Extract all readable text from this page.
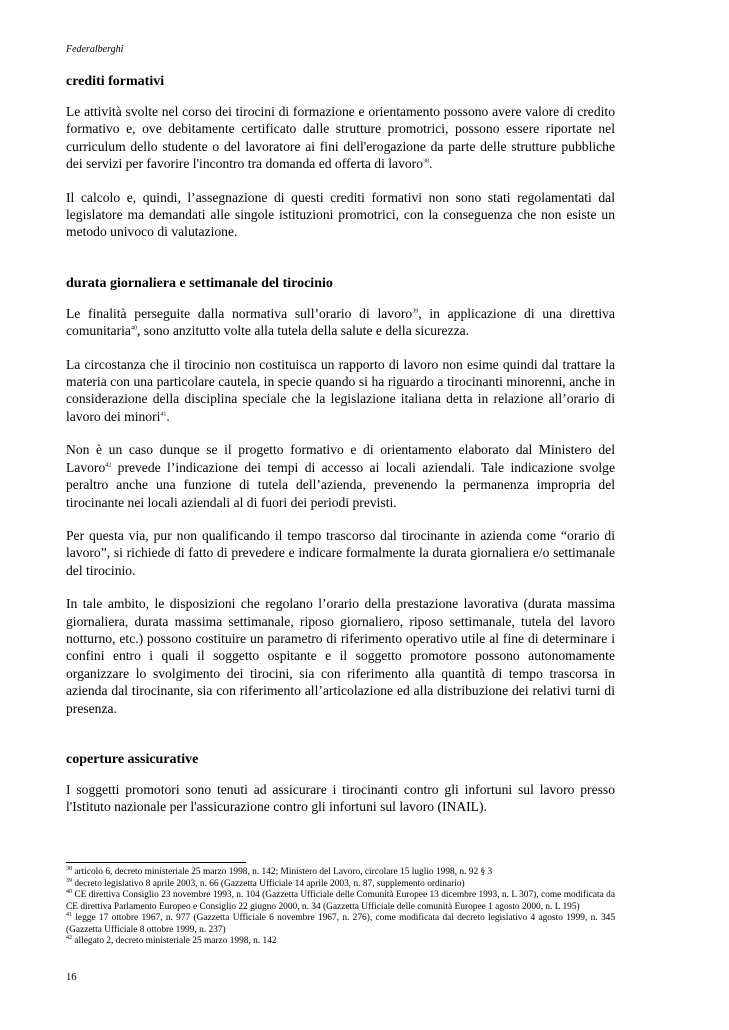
Federalberghi
crediti formativi

Le attività svolte nel corso dei tirocini di formazione e orientamento possono avere valore di credito formativo e, ove debitamente certificato dalle strutture promotrici, possono essere riportate nel curriculum dello studente o del lavoratore ai fini dell'erogazione da parte delle strutture pubbliche dei servizi per favorire l'incontro tra domanda ed offerta di lavoro$^{38}$.

Il calcolo e, quindi, l’assegnazione di questi crediti formativi non sono stati regolamentati dal legislatore ma demandati alle singole istituzioni promotrici, con la conseguenza che non esiste un metodo univoco di valutazione.

durata giornaliera e settimanale del tirocinio

Le finalità perseguite dalla normativa sull’orario di lavoro$^{39}$, in applicazione di una direttiva comunitaria$^{40}$, sono anzitutto volte alla tutela della salute e della sicurezza.

La circostanza che il tirocinio non costituisca un rapporto di lavoro non esime quindi dal trattare la materia con una particolare cautela, in specie quando si ha riguardo a tirocinanti minorenni, anche in considerazione della disciplina speciale che la legislazione italiana detta in relazione all’orario di lavoro dei minori$^{41}$.

Non è un caso dunque se il progetto formativo e di orientamento elaborato dal Ministero del Lavoro$^{42}$ prevede l’indicazione dei tempi di accesso ai locali aziendali. Tale indicazione svolge peraltro anche una funzione di tutela dell’azienda, prevenendo la permanenza impropria del tirocinante nei locali aziendali al di fuori dei periodi previsti.

Per questa via, pur non qualificando il tempo trascorso dal tirocinante in azienda come “orario di lavoro”, si richiede di fatto di prevedere e indicare formalmente la durata giornaliera e/o settimanale del tirocinio.

In tale ambito, le disposizioni che regolano l’orario della prestazione lavorativa (durata massima giornaliera, durata massima settimanale, riposo giornaliero, riposo settimanale, tutela del lavoro notturno, etc.) possono costituire un parametro di riferimento operativo utile al fine di determinare i confini entro i quali il soggetto ospitante e il soggetto promotore possono autonomamente organizzare lo svolgimento dei tirocini, sia con riferimento alla quantità di tempo trascorsa in azienda dal tirocinante, sia con riferimento all’articolazione ed alla distribuzione dei relativi turni di presenza.

coperture assicurative

I soggetti promotori sono tenuti ad assicurare i tirocinanti contro gli infortuni sul lavoro presso l'Istituto nazionale per l'assicurazione contro gli infortuni sul lavoro (INAIL).

$^{38}$ articolo 6, decreto ministeriale 25 marzo 1998, n. 142; Ministero del Lavoro, circolare 15 luglio 1998, n. 92 § 3

$^{39}$ decreto legislativo 8 aprile 2003, n. 66 (Gazzetta Ufficiale 14 aprile 2003, n. 87, supplemento ordinario)

$^{40}$ CE direttiva Consiglio 23 novembre 1993, n. 104 (Gazzetta Ufficiale delle Comunità Europee 13 dicembre 1993, n. L 307), come modificata da CE direttiva Parlamento Europeo e Consiglio 22 giugno 2000, n. 34 (Gazzetta Ufficiale delle comunità Europee 1 agosto 2000, n. L 195)

$^{41}$ legge 17 ottobre 1967, n. 977 (Gazzetta Ufficiale 6 novembre 1967, n. 276), come modificata dal decreto legislativo 4 agosto 1999, n. 345 (Gazzetta Ufficiale 8 ottobre 1999, n. 237)

$^{42}$ allegato 2, decreto ministeriale 25 marzo 1998, n. 142

16
